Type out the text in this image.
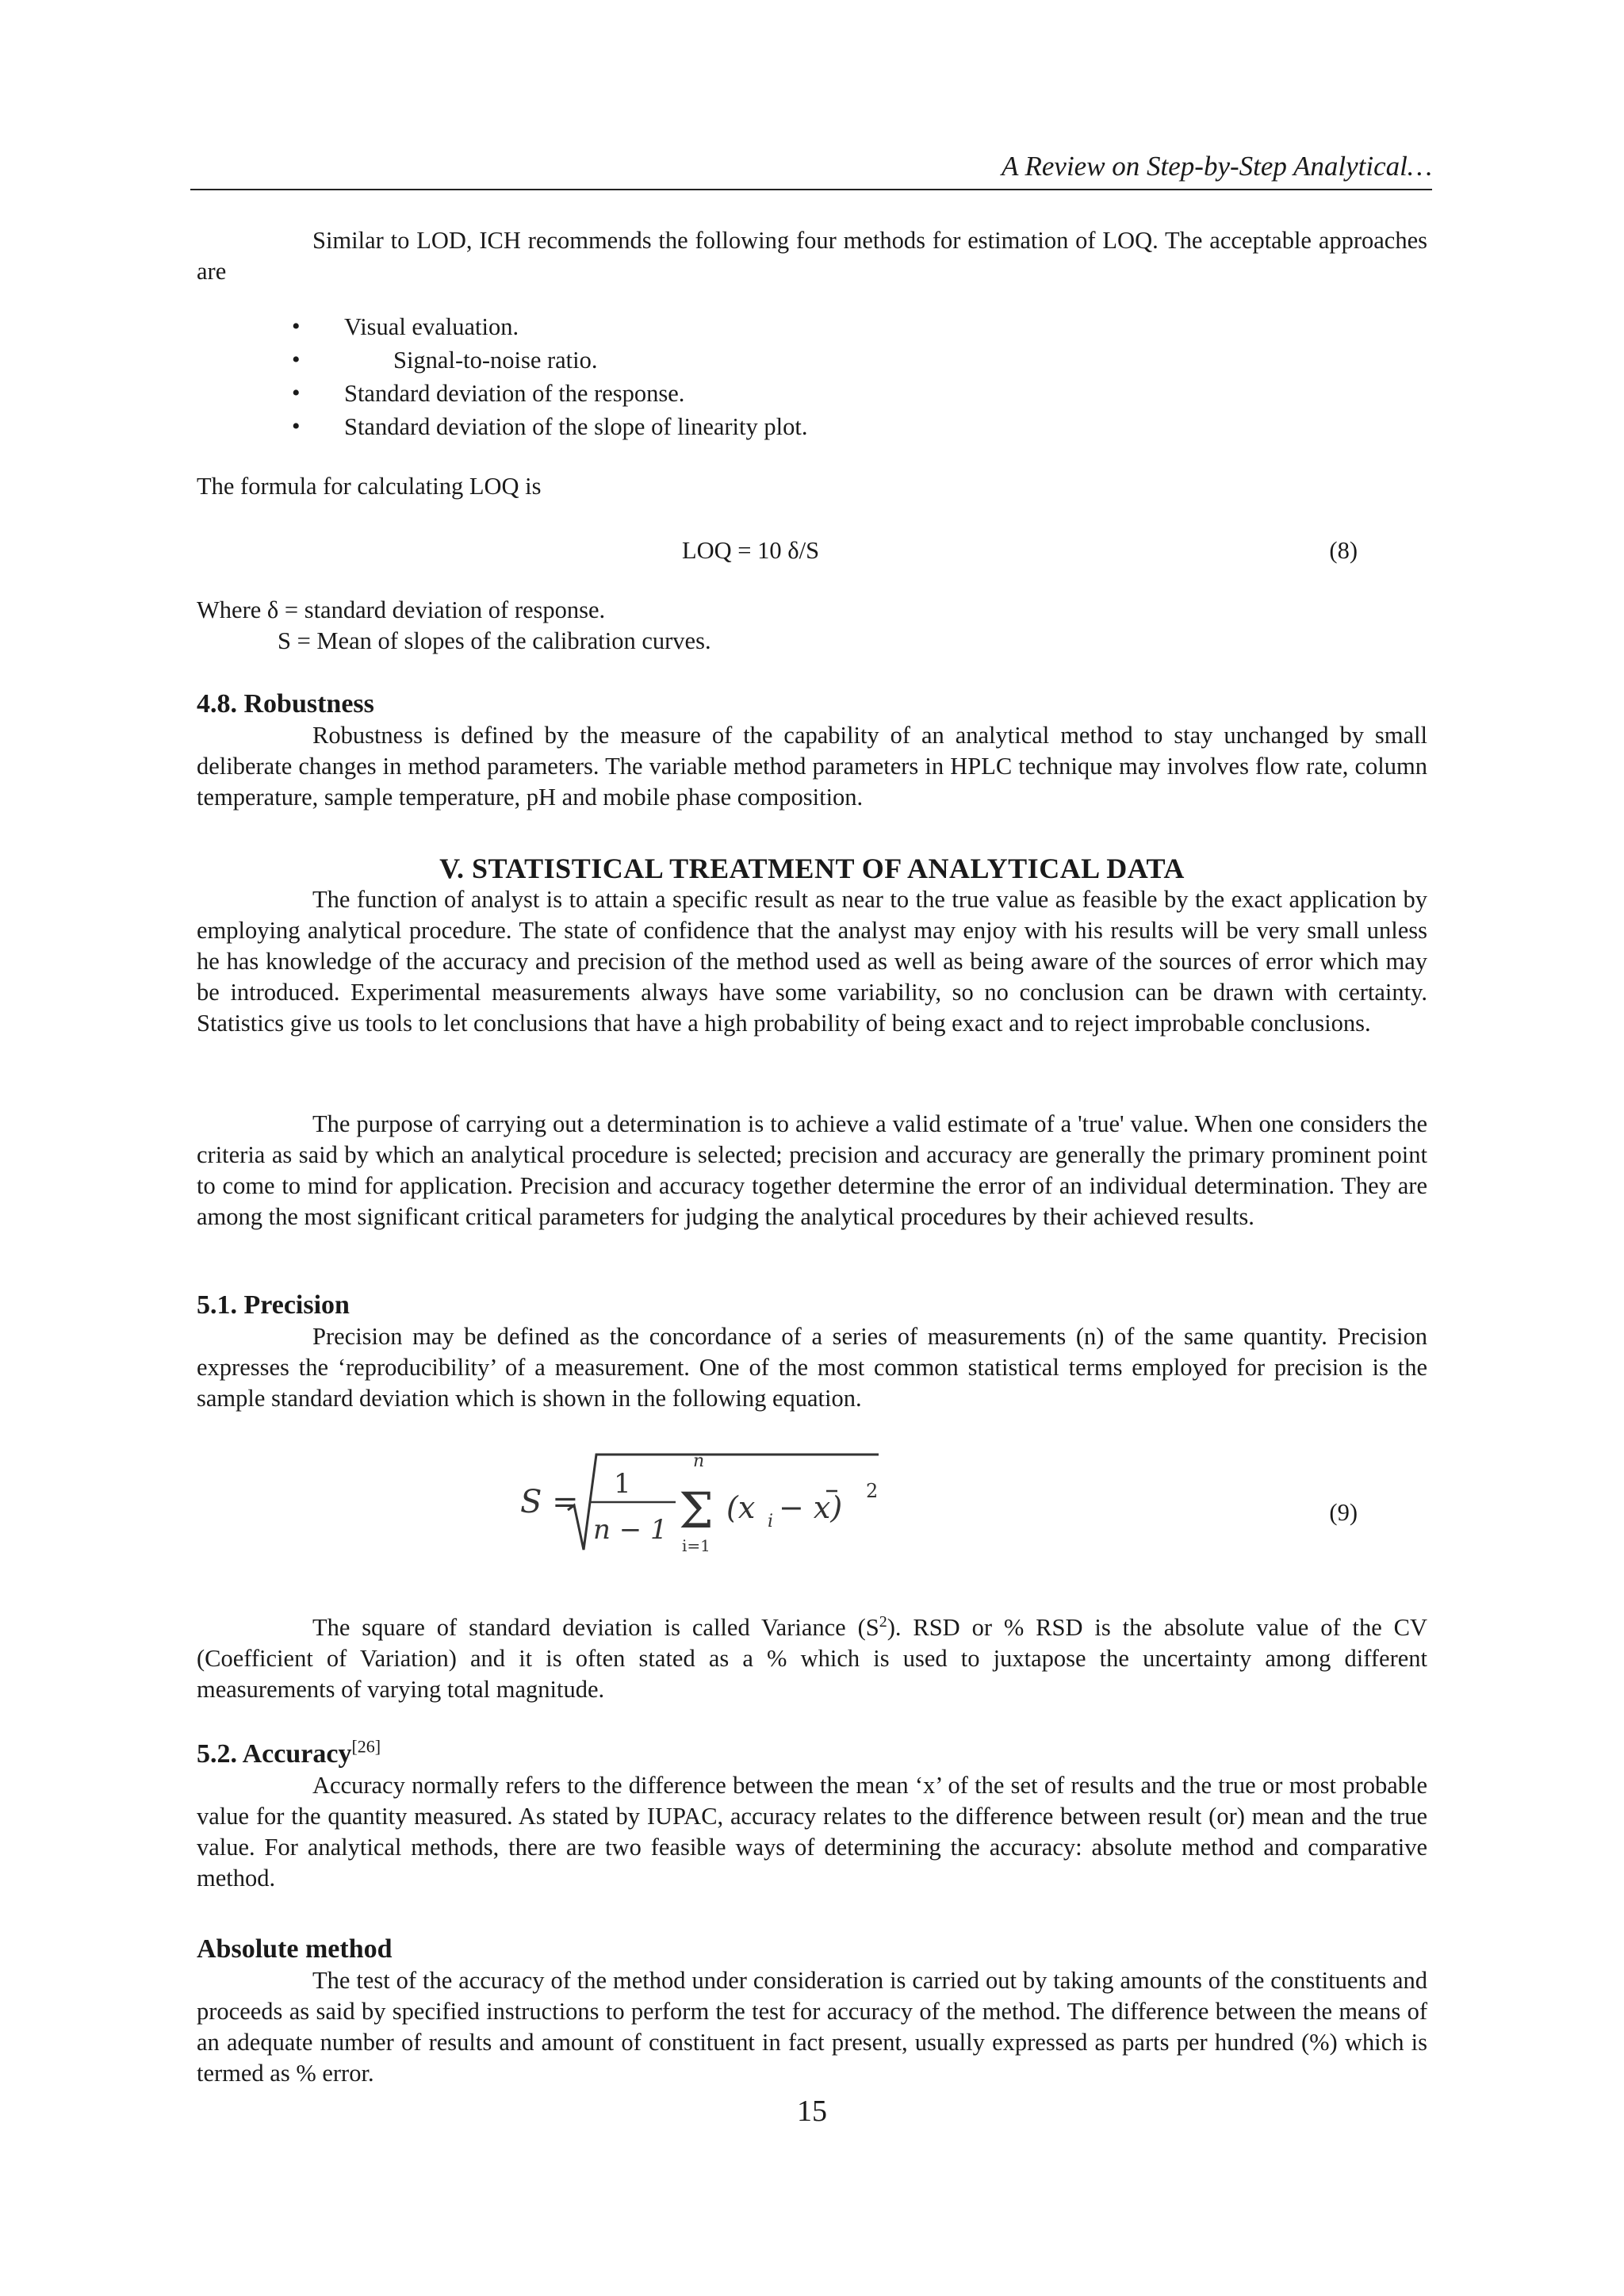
A Review on Step-by-Step Analytical…

Similar to LOD, ICH recommends the following four methods for estimation of LOQ. The acceptable approaches are

• Visual evaluation.
• Signal-to-noise ratio.
• Standard deviation of the response.
• Standard deviation of the slope of linearity plot.

The formula for calculating LOQ is

LOQ = 10 δ/S	(8)

Where δ = standard deviation of response.

S = Mean of slopes of the calibration curves.

4.8. Robustness

Robustness is defined by the measure of the capability of an analytical method to stay unchanged by small deliberate changes in method parameters. The variable method parameters in HPLC technique may involves flow rate, column temperature, sample temperature, pH and mobile phase composition.

V. STATISTICAL TREATMENT OF ANALYTICAL DATA

The function of analyst is to attain a specific result as near to the true value as feasible by the exact application by employing analytical procedure. The state of confidence that the analyst may enjoy with his results will be very small unless he has knowledge of the accuracy and precision of the method used as well as being aware of the sources of error which may be introduced. Experimental measurements always have some variability, so no conclusion can be drawn with certainty. Statistics give us tools to let conclusions that have a high probability of being exact and to reject improbable conclusions.

The purpose of carrying out a determination is to achieve a valid estimate of a 'true' value. When one considers the criteria as said by which an analytical procedure is selected; precision and accuracy are generally the primary prominent point to come to mind for application. Precision and accuracy together determine the error of an individual determination. They are among the most significant critical parameters for judging the analytical procedures by their achieved results.

5.1. Precision

Precision may be defined as the concordance of a series of measurements (n) of the same quantity. Precision expresses the ‘reproducibility’ of a measurement. One of the most common statistical terms employed for precision is the sample standard deviation which is shown in the following equation.

S = 1
n − 1
n
i=1
(x i − x) 2
Σ	(9)

The square of standard deviation is called Variance $(S^2)$. RSD or % RSD is the absolute value of the CV (Coefficient of Variation) and it is often stated as a % which is used to juxtapose the uncertainty among different measurements of varying total magnitude.

5.2. Accuracy[26]

Accuracy normally refers to the difference between the mean ‘x’ of the set of results and the true or most probable value for the quantity measured. As stated by IUPAC, accuracy relates to the difference between result (or) mean and the true value. For analytical methods, there are two feasible ways of determining the accuracy: absolute method and comparative method.

Absolute method

The test of the accuracy of the method under consideration is carried out by taking amounts of the constituents and proceeds as said by specified instructions to perform the test for accuracy of the method. The difference between the means of an adequate number of results and amount of constituent in fact present, usually expressed as parts per hundred (%) which is termed as % error.

15
